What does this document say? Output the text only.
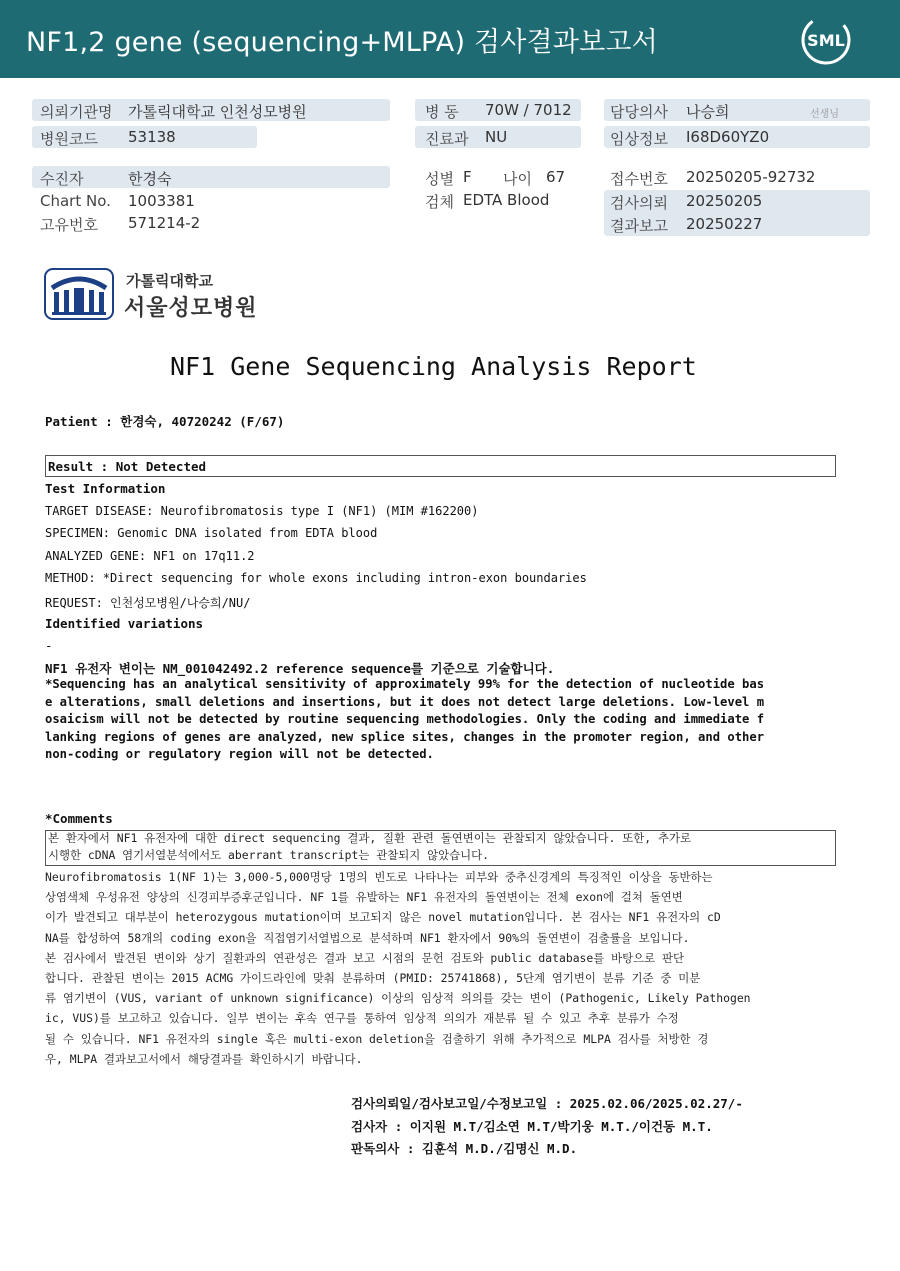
NF1,2 gene (sequencing+MLPA) 검사결과보고서	SML
의뢰기관명 가톨릭대학교 인천성모병원
병원코드 53138
수진자	한경숙
Chart No. 1003381
고유번호 571214-2
병 동 70W / 7012
진료과 NU
성별 F 나이 67
검체 EDTA Blood
담당의사 나승희	선생님
임상정보 I68D60YZ0
접수번호 20250205-92732
검사의뢰 20250205
결과보고 20250227
가톨릭대학교
서울성모병원
NF1 Gene Sequencing Analysis Report
Patient : 한경숙, 40720242 (F/67)
Result : Not Detected
Test Information
TARGET DISEASE: Neurofibromatosis type I (NF1) (MIM #162200)
SPECIMEN: Genomic DNA isolated from EDTA blood
ANALYZED GENE: NF1 on 17q11.2
METHOD: *Direct sequencing for whole exons including intron-exon boundaries
REQUEST: 인천성모병원/나승희/NU/
Identified variations
-
NF1 유전자 변이는 NM_001042492.2 reference sequence를 기준으로 기술합니다.
*Sequencing has an analytical sensitivity of approximately 99% for the detection of nucleotide bas
e alterations, small deletions and insertions, but it does not detect large deletions. Low-level m
osaicism will not be detected by routine sequencing methodologies. Only the coding and immediate f
lanking regions of genes are analyzed, new splice sites, changes in the promoter region, and other
non-coding or regulatory region will not be detected.
*Comments
본 환자에서 NF1 유전자에 대한 direct sequencing 결과, 질환 관련 돌연변이는 관찰되지 않았습니다. 또한, 추가로
시행한 cDNA 염기서열분석에서도 aberrant transcript는 관찰되지 않았습니다.
Neurofibromatosis 1(NF 1)는 3,000-5,000명당 1명의 빈도로 나타나는 피부와 중추신경계의 특징적인 이상을 동반하는
상염색체 우성유전 양상의 신경피부증후군입니다. NF 1를 유발하는 NF1 유전자의 돌연변이는 전체 exon에 걸쳐 돌연변
이가 발견되고 대부분이 heterozygous mutation이며 보고되지 않은 novel mutation입니다. 본 검사는 NF1 유전자의 cD
NA를 합성하여 58개의 coding exon을 직접염기서열법으로 분석하며 NF1 환자에서 90%의 돌연변이 검출률을 보입니다.
본 검사에서 발견된 변이와 상기 질환과의 연관성은 결과 보고 시점의 문헌 검토와 public database를 바탕으로 판단
합니다. 관찰된 변이는 2015 ACMG 가이드라인에 맞춰 분류하며 (PMID: 25741868), 5단계 염기변이 분류 기준 중 미분
류 염기변이 (VUS, variant of unknown significance) 이상의 임상적 의의를 갖는 변이 (Pathogenic, Likely Pathogen
ic, VUS)를 보고하고 있습니다. 일부 변이는 후속 연구를 통하여 임상적 의의가 재분류 될 수 있고 추후 분류가 수정
될 수 있습니다. NF1 유전자의 single 혹은 multi-exon deletion을 검출하기 위해 추가적으로 MLPA 검사를 처방한 경
우, MLPA 결과보고서에서 해당결과를 확인하시기 바랍니다.
검사의뢰일/검사보고일/수정보고일 : 2025.02.06/2025.02.27/-
검사자 : 이지원 M.T/김소연 M.T/박기웅 M.T./이건동 M.T.
판독의사 : 김훈석 M.D./김명신 M.D.
